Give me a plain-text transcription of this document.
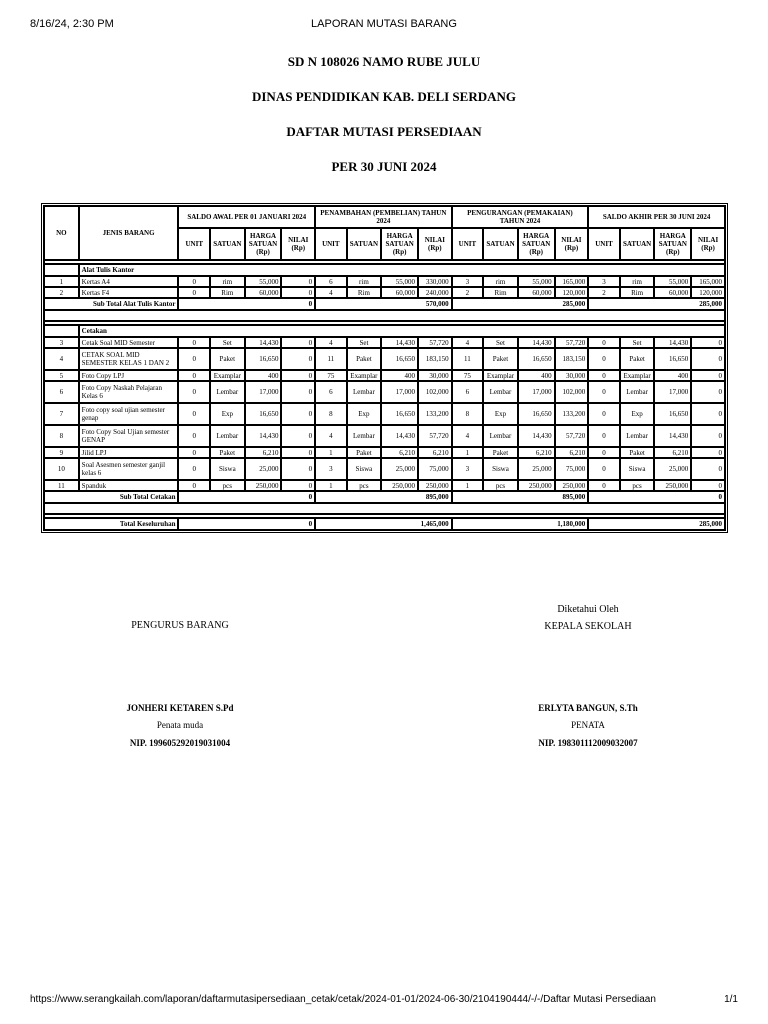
8/16/24, 2:30 PM	LAPORAN MUTASI BARANG
SD N 108026 NAMO RUBE JULU
DINAS PENDIDIKAN KAB. DELI SERDANG
DAFTAR MUTASI PERSEDIAAN
PER 30 JUNI 2024
NO	JENIS BARANG	SALDO AWAL PER 01 JANUARI 2024				PENAMBAHAN (PEMBELIAN) TAHUN 2024				PENGURANGAN (PEMAKAIAN) TAHUN 2024				SALDO AKHIR PER 30 JUNI 2024			
		UNIT	SATUAN	HARGA SATUAN (Rp)	NILAI (Rp)	UNIT	SATUAN	HARGA SATUAN (Rp)	NILAI (Rp)	UNIT	SATUAN	HARGA SATUAN (Rp)	NILAI (Rp)	UNIT	SATUAN	HARGA SATUAN (Rp)	NILAI (Rp)

	Alat Tulis Kantor																
1	Kertas A4	0	rim	55,000	0	6	rim	55,000	330,000	3	rim	55,000	165,000	3	rim	55,000	165,000
2	Kertas F4	0	Rim	60,000	0	4	Rim	60,000	240,000	2	Rim	60,000	120,000	2	Rim	60,000	120,000
Sub Total Alat Tulis Kantor		0				570,000				285,000				285,000			

	Cetakan																
3	Cetak Soal MID Semester	0	Set	14,430	0	4	Set	14,430	57,720	4	Set	14,430	57,720	0	Set	14,430	0
4	CETAK SOAL MID SEMESTER KELAS 1 DAN 2	0	Paket	16,650	0	11	Paket	16,650	183,150	11	Paket	16,650	183,150	0	Paket	16,650	0
5	Foto Copy LPJ	0	Examplar	400	0	75	Examplar	400	30,000	75	Examplar	400	30,000	0	Examplar	400	0
6	Foto Copy Naskah Pelajaran Kelas 6	0	Lembar	17,000	0	6	Lembar	17,000	102,000	6	Lembar	17,000	102,000	0	Lembar	17,000	0
7	Foto copy soal ujian semester genap	0	Exp	16,650	0	8	Exp	16,650	133,200	8	Exp	16,650	133,200	0	Exp	16,650	0
8	Foto Copy Soal Ujian semester GENAP	0	Lembar	14,430	0	4	Lembar	14,430	57,720	4	Lembar	14,430	57,720	0	Lembar	14,430	0
9	Jilid LPJ	0	Paket	6,210	0	1	Paket	6,210	6,210	1	Paket	6,210	6,210	0	Paket	6,210	0
10	Soal Asesmen semester ganjil kelas 6	0	Siswa	25,000	0	3	Siswa	25,000	75,000	3	Siswa	25,000	75,000	0	Siswa	25,000	0
11	Spanduk	0	pcs	250,000	0	1	pcs	250,000	250,000	1	pcs	250,000	250,000	0	pcs	250,000	0
Sub Total Cetakan		0				895,000				895,000				0			

Total Keseluruhan		0				1,465,000				1,180,000				285,000			
PENGURUS BARANG
JONHERI KETAREN S.Pd
Penata muda
NIP. 199605292019031004
Diketahui Oleh
KEPALA SEKOLAH
ERLYTA BANGUN, S.Th
PENATA
NIP. 198301112009032007
https://www.serangkailah.com/laporan/daftarmutasipersediaan_cetak/cetak/2024-01-01/2024-06-30/2104190444/-/-/Daftar Mutasi Persediaan	1/1
